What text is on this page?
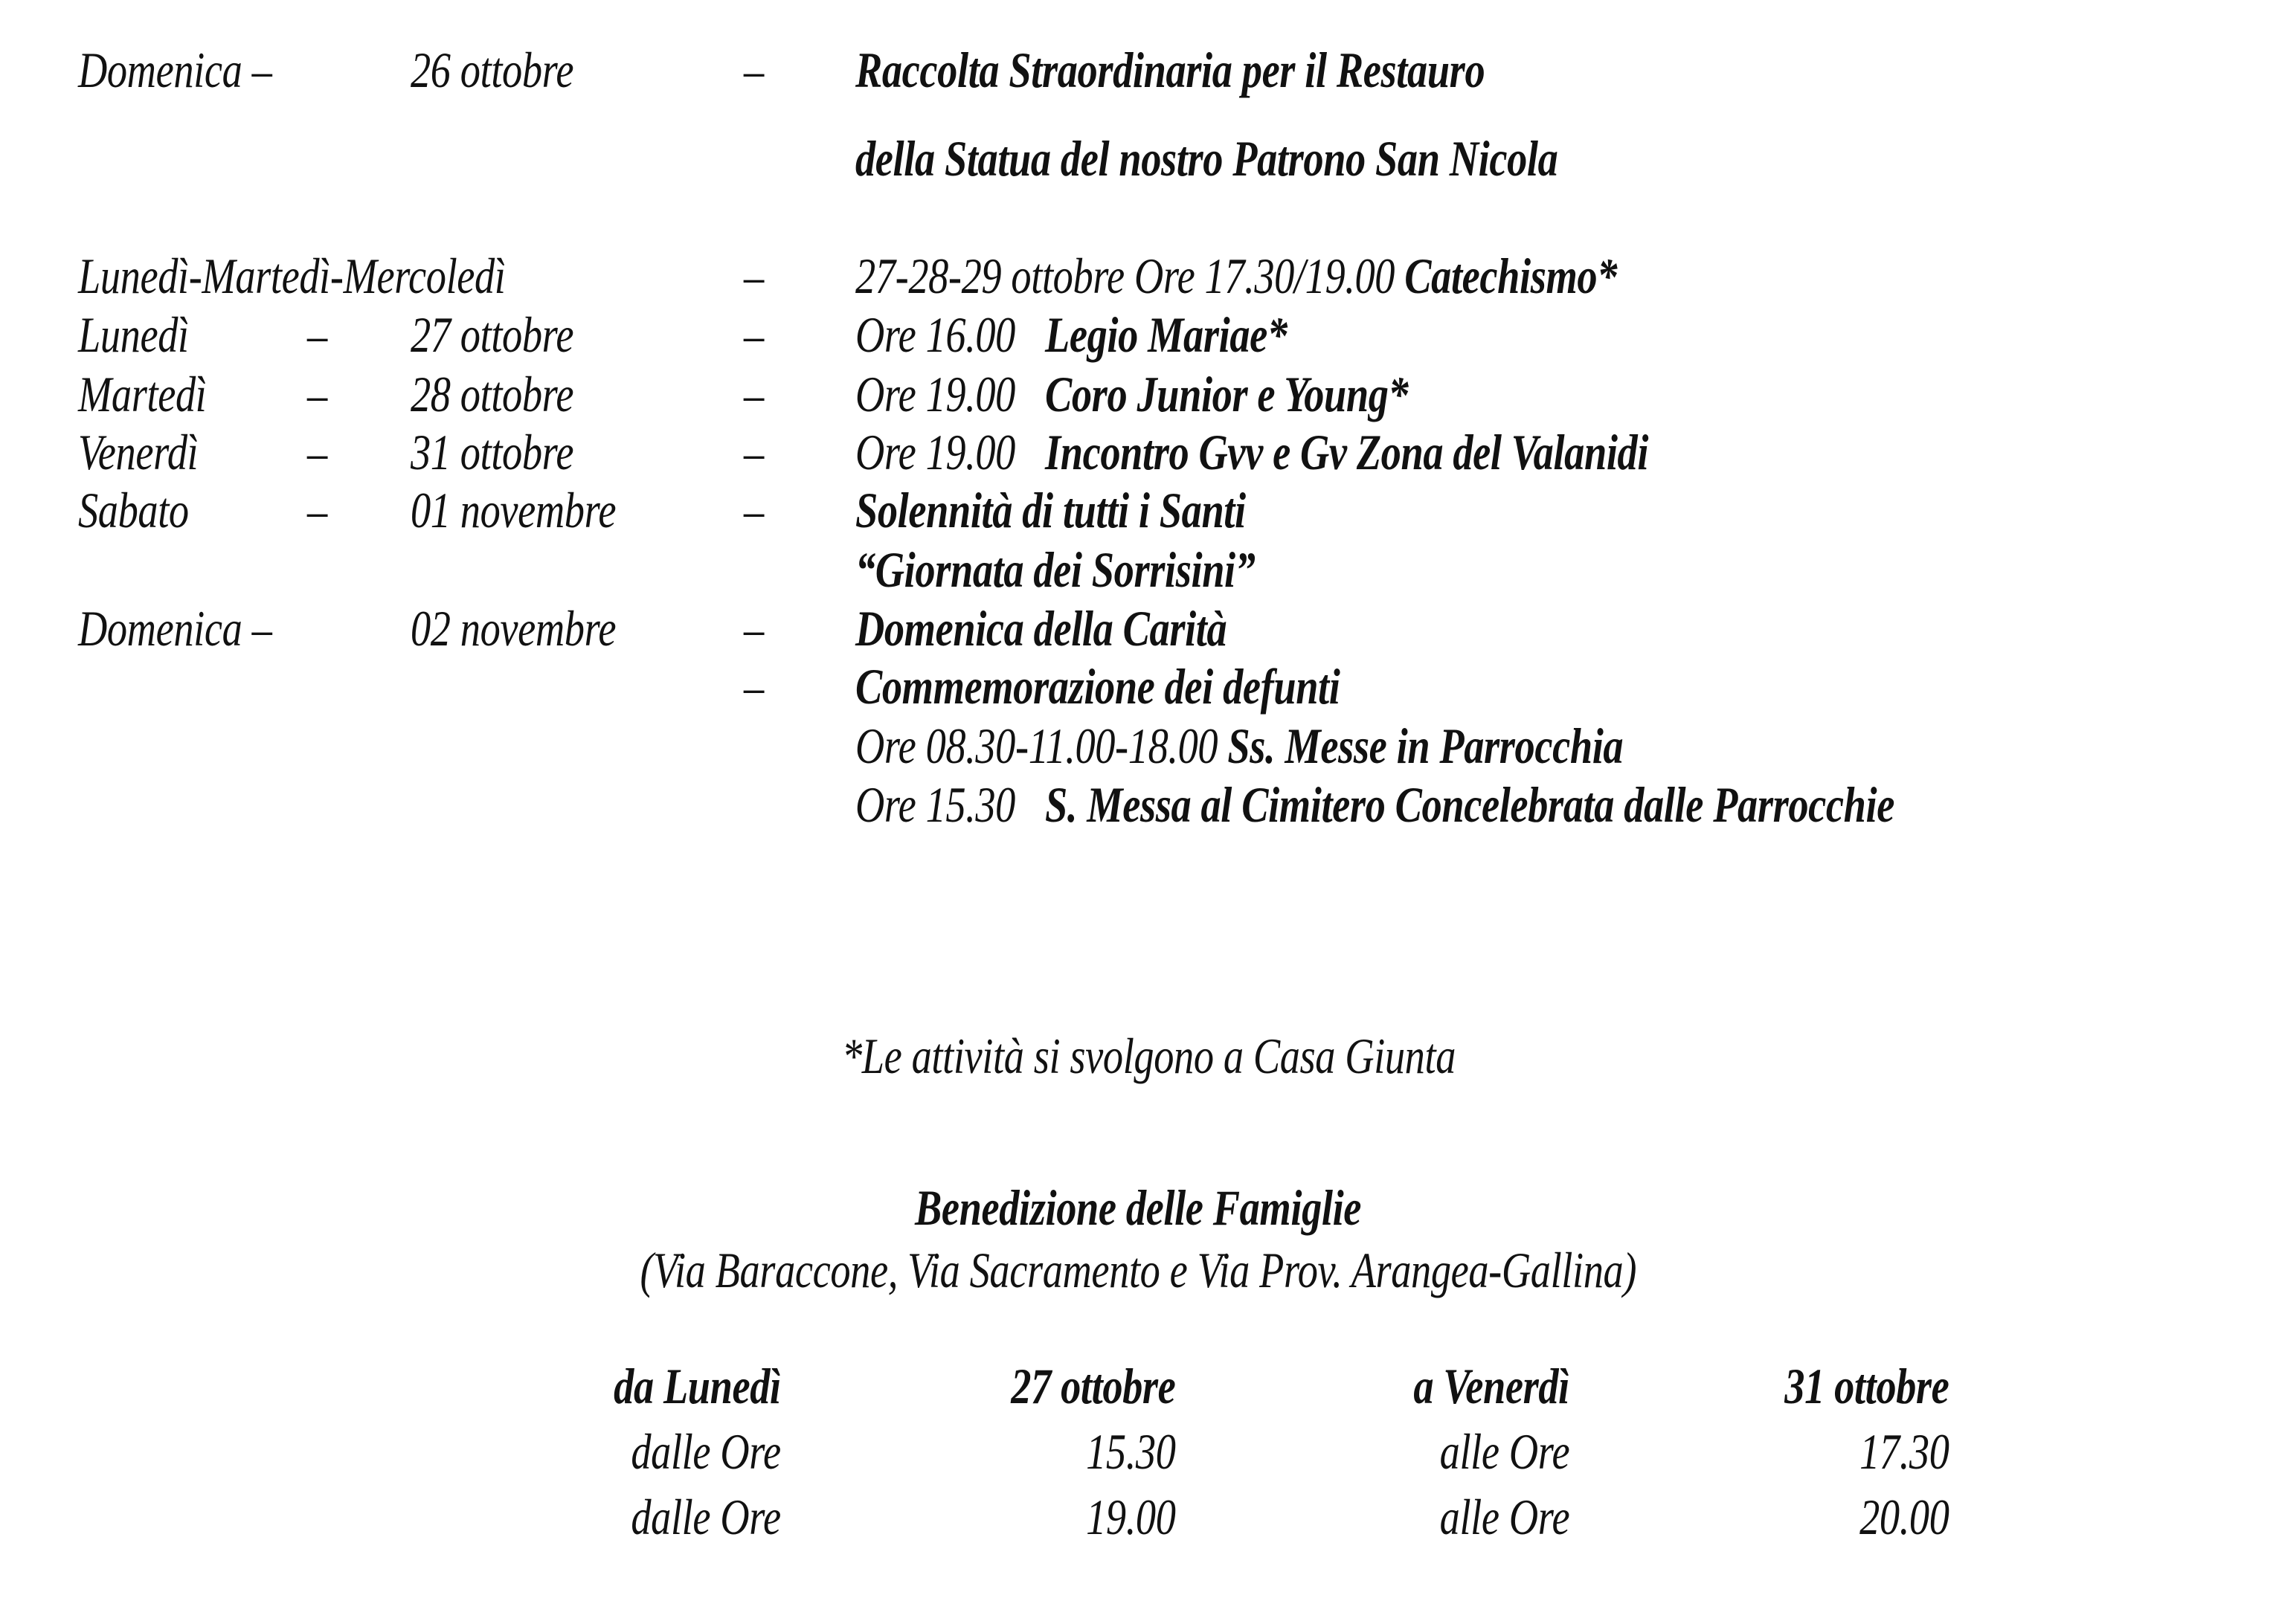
Domenica –	26 ottobre	– Raccolta Straordinaria per il Restauro
della Statua del nostro Patrono San Nicola
Lunedì-Martedì-Mercoledì	– 27-28-29 ottobre Ore 17.30/19.00 Catechismo*
Lunedì	– 27 ottobre	– Ore 16.00  Legio Mariae*
Martedì	– 28 ottobre	– Ore 19.00  Coro Junior e Young*
Venerdì	– 31 ottobre	– Ore 19.00  Incontro Gvv e Gv Zona del Valanidi
Sabato	– 01 novembre	– Solennità di tutti i Santi
“Giornata dei Sorrisini”
Domenica –	02 novembre	– Domenica della Carità
– Commemorazione dei defunti
Ore 08.30-11.00-18.00 Ss. Messe in Parrocchia
Ore 15.30  S. Messa al Cimitero Concelebrata dalle Parrocchie
*Le attività si svolgono a Casa Giunta
Benedizione delle Famiglie
(Via Baraccone, Via Sacramento e Via Prov. Arangea-Gallina)
da Lunedì	27 ottobre	a Venerdì	31 ottobre
dalle Ore	15.30	alle Ore	17.30
dalle Ore	19.00	alle Ore	20.00
